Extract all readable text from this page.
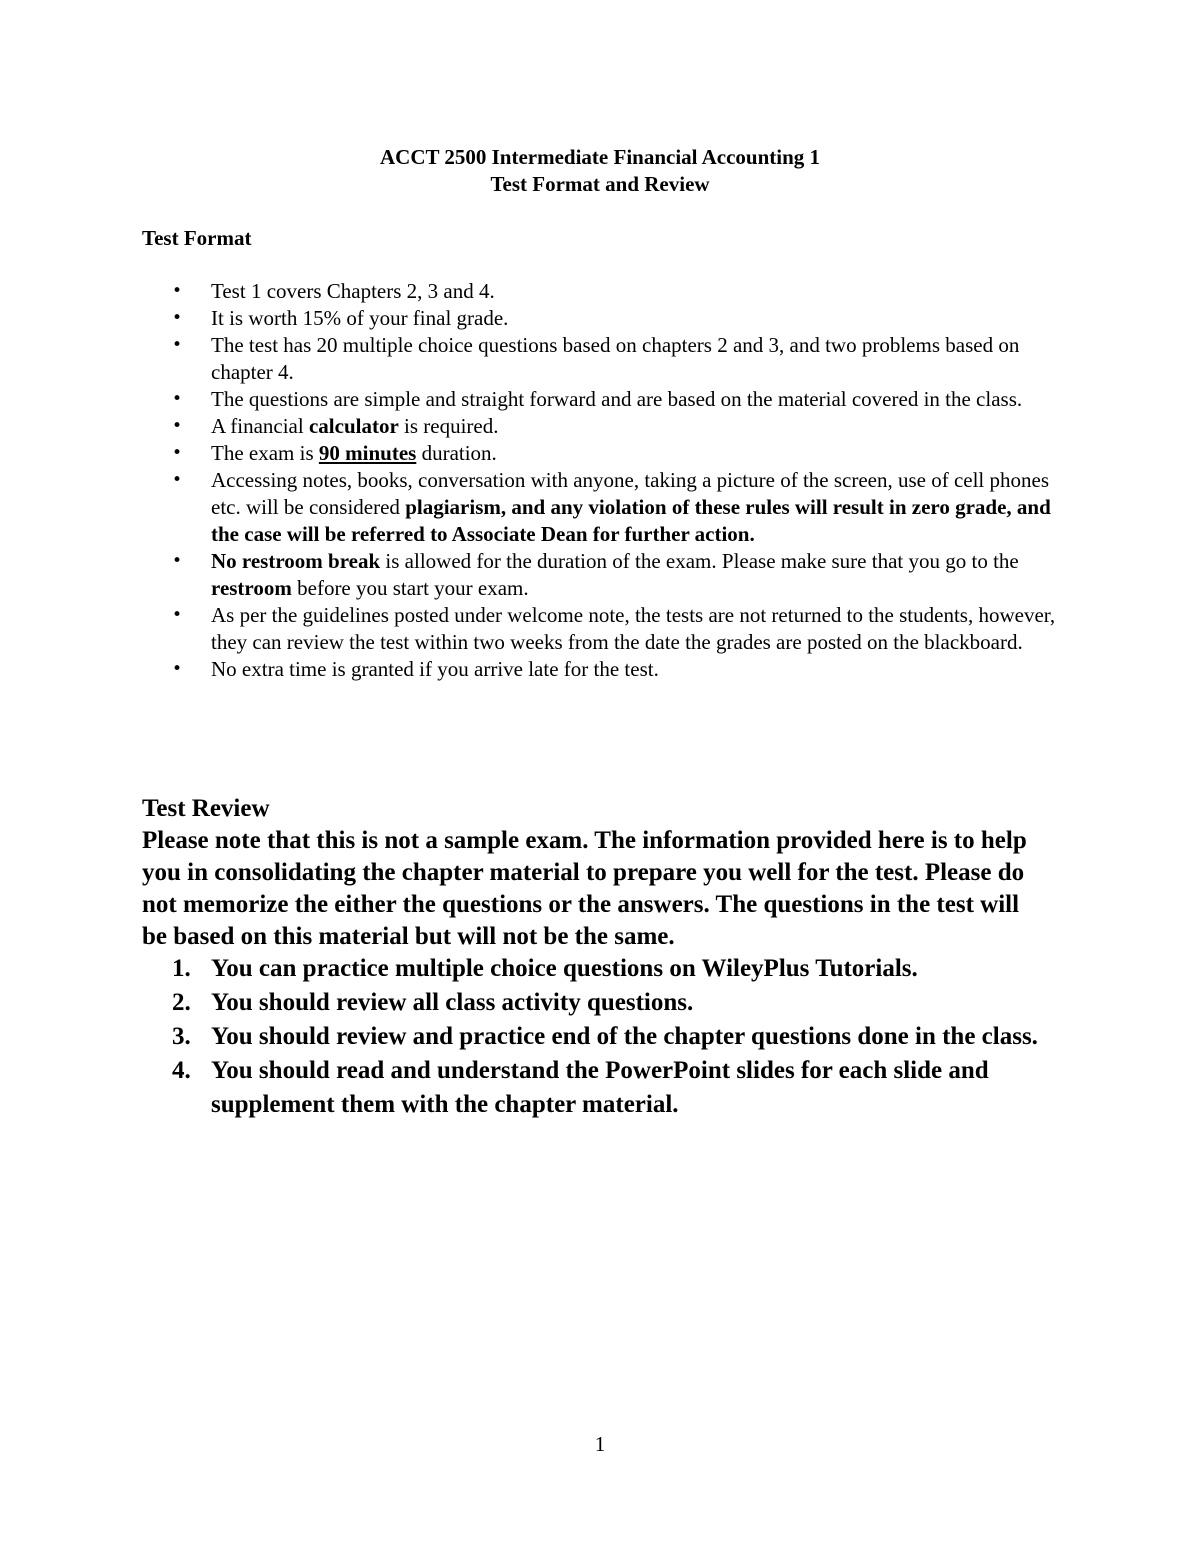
ACCT 2500 Intermediate Financial Accounting 1
Test Format and Review
Test Format
• Test 1 covers Chapters 2, 3 and 4.
• It is worth 15% of your final grade.
• The test has 20 multiple choice questions based on chapters 2 and 3, and two problems based on chapter 4.
• The questions are simple and straight forward and are based on the material covered in the class.
• A financial calculator is required.
• The exam is 90 minutes duration.
• Accessing notes, books, conversation with anyone, taking a picture of the screen, use of cell phones etc. will be considered plagiarism, and any violation of these rules will result in zero grade, and the case will be referred to Associate Dean for further action.
• No restroom break is allowed for the duration of the exam. Please make sure that you go to the restroom before you start your exam.
• As per the guidelines posted under welcome note, the tests are not returned to the students, however, they can review the test within two weeks from the date the grades are posted on the blackboard.
• No extra time is granted if you arrive late for the test.
Test Review
Please note that this is not a sample exam. The information provided here is to help you in consolidating the chapter material to prepare you well for the test. Please do not memorize the either the questions or the answers. The questions in the test will be based on this material but will not be the same.
1. You can practice multiple choice questions on WileyPlus Tutorials.
2. You should review all class activity questions.
3. You should review and practice end of the chapter questions done in the class.
4. You should read and understand the PowerPoint slides for each slide and supplement them with the chapter material.
1
